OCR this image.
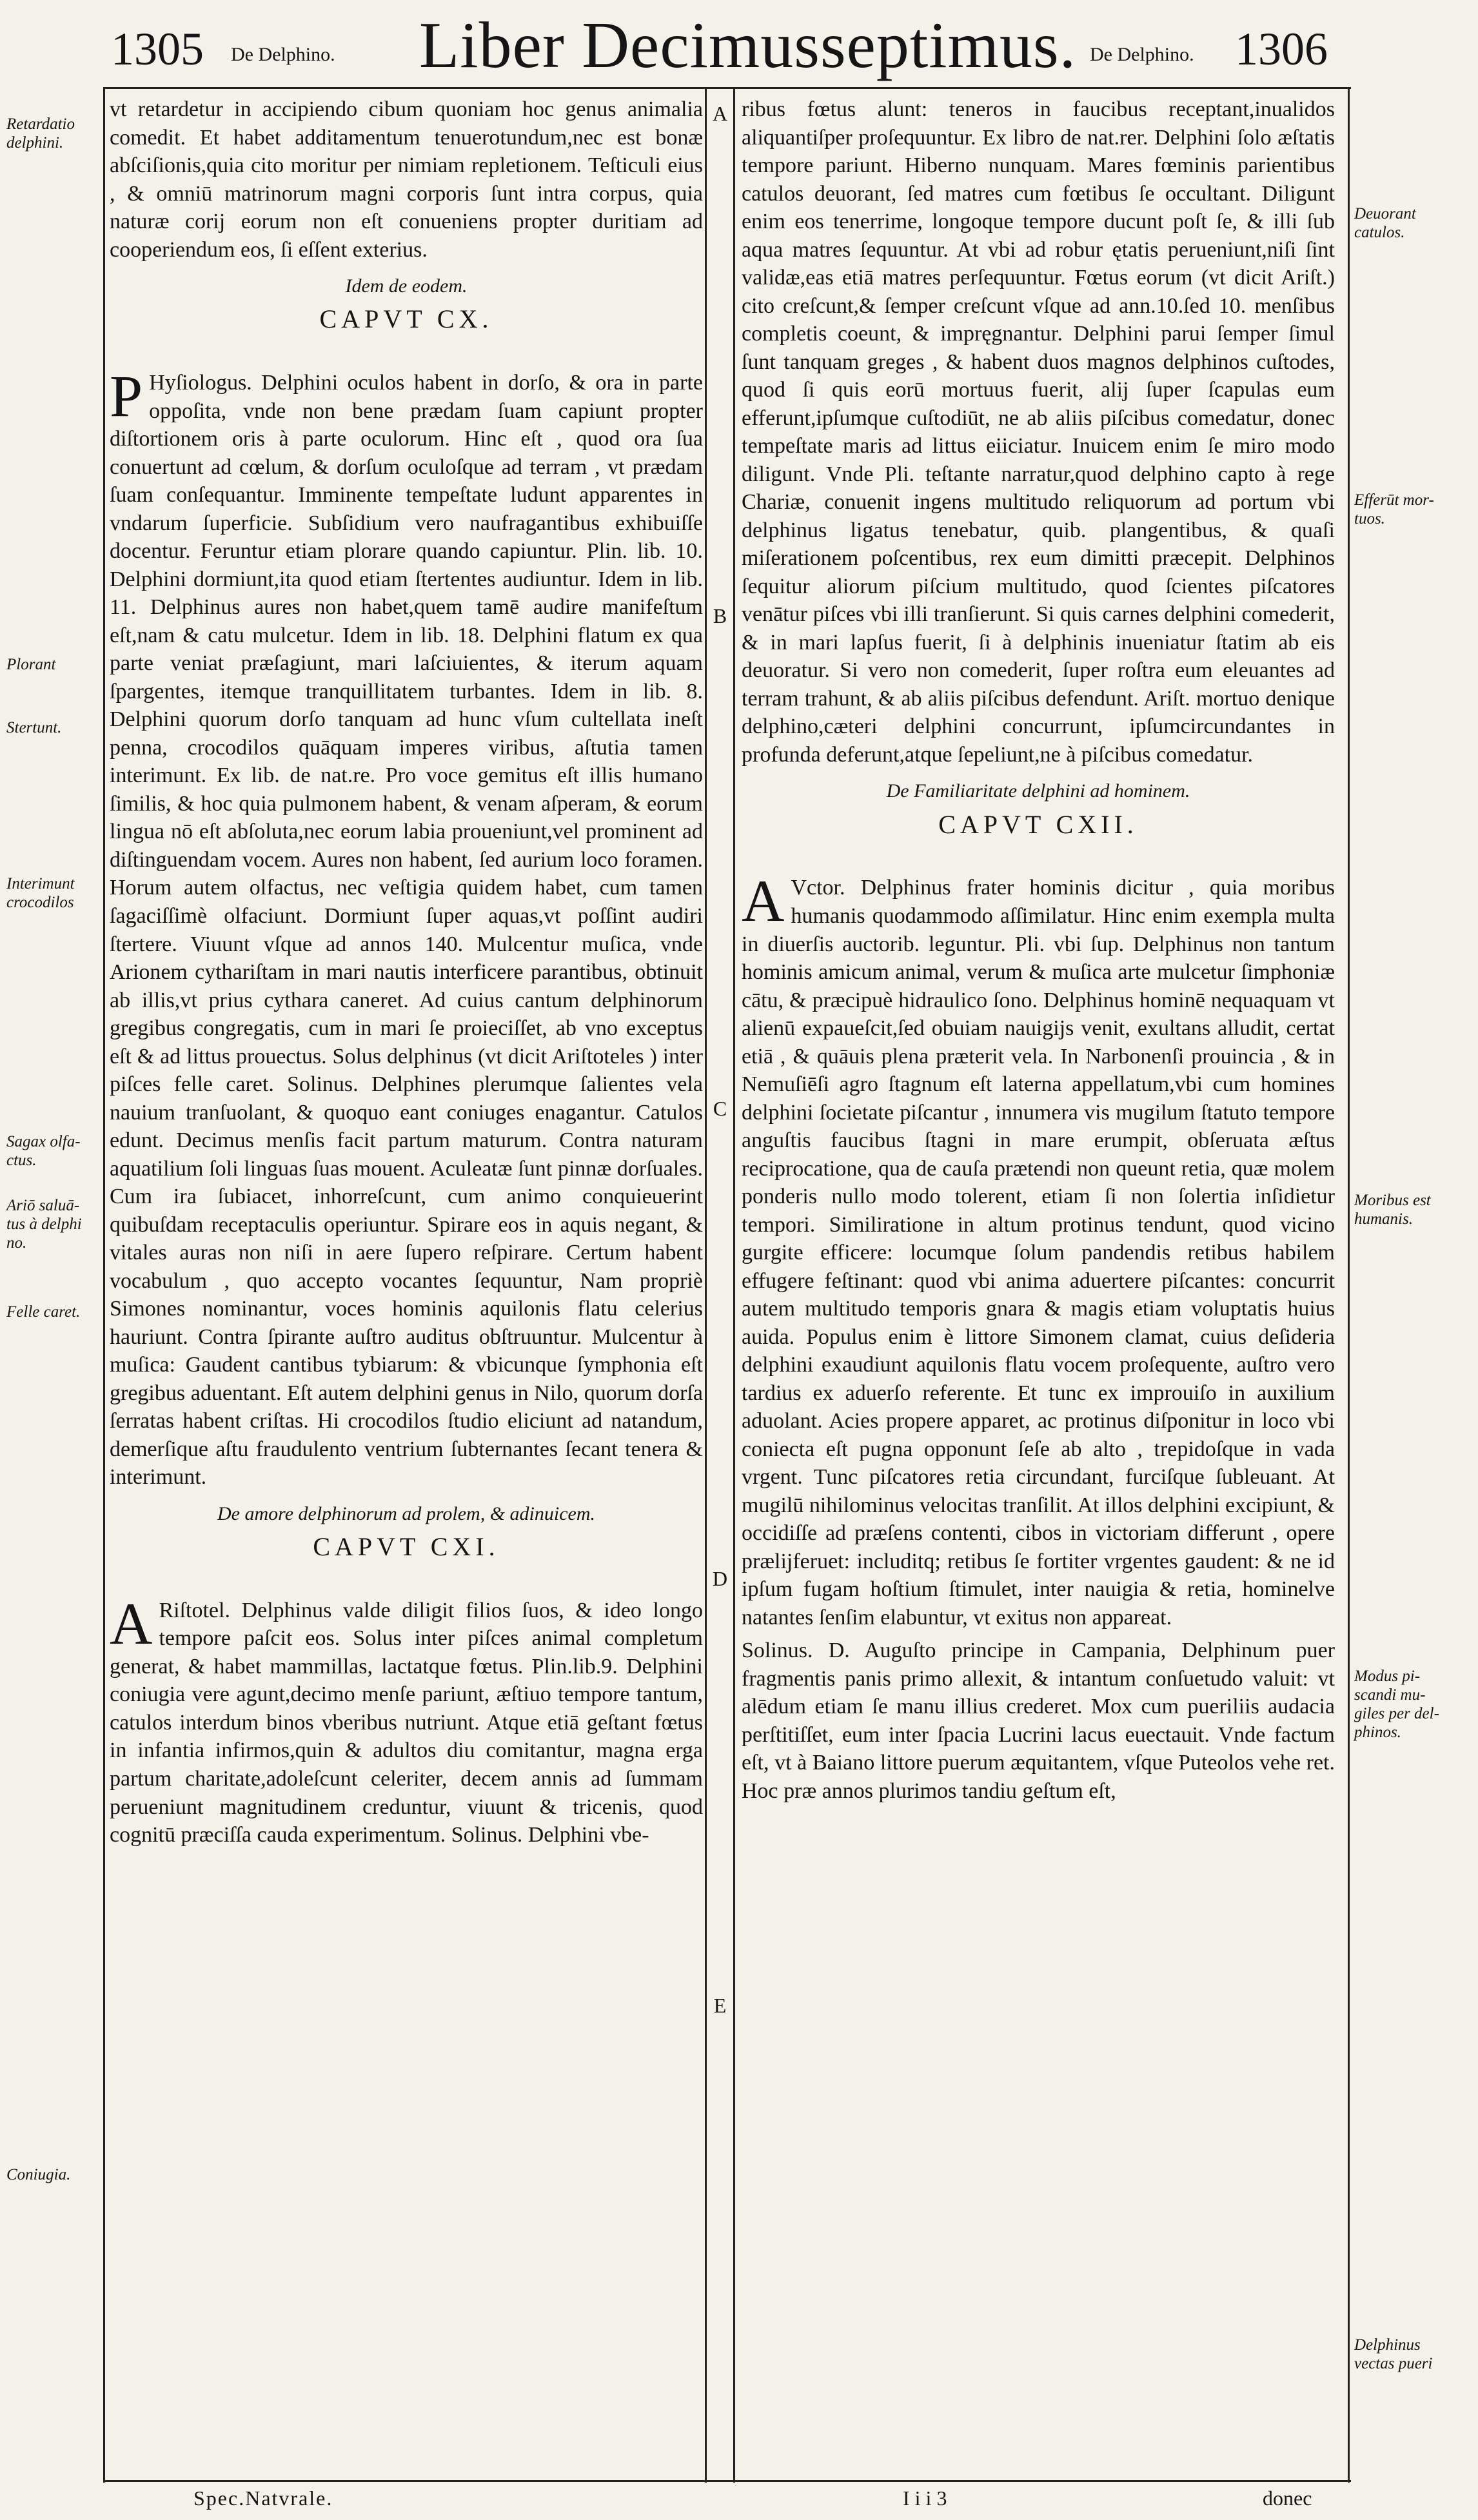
1305 De Delphino. Liber Decimusseptimus. De Delphino. 1306
Retardatio
delphini.
Plorant
Stertunt.
Interimunt
crocodilos
Sagax olfa-
ctus.
Ariō saluā-
tus à delphi
no.
Felle caret.
Coniugia.
Deuorant
catulos.
Efferūt mor-
tuos.
Moribus est
humanis.
Modus pi-
scandi mu-
giles per del-
phinos.
Delphinus
vectas pueri
A
B
C
D
E

vt retardetur in accipiendo cibum quoniam hoc genus animalia comedit. Et habet additamentum tenuerotundum,nec est bonæ abſciſionis,quia cito moritur per nimiam repletionem. Teſticuli eius , & omniū matrinorum magni corporis ſunt intra corpus, quia naturæ corij eorum non eſt conueniens propter duritiam ad cooperiendum eos, ſi eſſent exterius.

Idem de eodem.
CAPVT CX.

P Hyſiologus. Delphini oculos habent in dorſo, & ora in parte oppoſita, vnde non bene prædam ſuam capiunt propter diſtortionem oris à parte oculorum. Hinc eſt , quod ora ſua conuertunt ad cœlum, & dorſum oculoſque ad terram , vt prædam ſuam conſequantur. Imminente tempeſtate ludunt apparentes in vndarum ſuperficie. Subſidium vero naufragantibus exhibuiſſe docentur. Feruntur etiam plorare quando capiuntur. Plin. lib. 10. Delphini dormiunt,ita quod etiam ſtertentes audiuntur. Idem in lib. 11. Delphinus aures non habet,quem tamē audire manifeſtum eſt,nam & catu mulcetur. Idem in lib. 18. Delphini flatum ex qua parte veniat præſagiunt, mari laſciuientes, & iterum aquam ſpargentes, itemque tranquillitatem turbantes. Idem in lib. 8. Delphini quorum dorſo tanquam ad hunc vſum cultellata ineſt penna, crocodilos quāquam imperes viribus, aſtutia tamen interimunt. Ex lib. de nat.re. Pro voce gemitus eſt illis humano ſimilis, & hoc quia pulmonem habent, & venam aſperam, & eorum lingua nō eſt abſoluta,nec eorum labia proueniunt,vel prominent ad diſtinguendam vocem. Aures non habent, ſed aurium loco foramen. Horum autem olfactus, nec veſtigia quidem habet, cum tamen ſagaciſſimè olfaciunt. Dormiunt ſuper aquas,vt poſſint audiri ſtertere. Viuunt vſque ad annos 140. Mulcentur muſica, vnde Arionem cythariſtam in mari nautis interficere parantibus, obtinuit ab illis,vt prius cythara caneret. Ad cuius cantum delphinorum gregibus congregatis, cum in mari ſe proieciſſet, ab vno exceptus eſt & ad littus prouectus. Solus delphinus (vt dicit Ariſtoteles ) inter piſces felle caret. Solinus. Delphines plerumque ſalientes vela nauium tranſuolant, & quoquo eant coniuges enagantur. Catulos edunt. Decimus menſis facit partum maturum. Contra naturam aquatilium ſoli linguas ſuas mouent. Aculeatæ ſunt pinnæ dorſuales. Cum ira ſubiacet, inhorreſcunt, cum animo conquieuerint quibuſdam receptaculis operiuntur. Spirare eos in aquis negant, & vitales auras non niſi in aere ſupero reſpirare. Certum habent vocabulum , quo accepto vocantes ſequuntur, Nam propriè Simones nominantur, voces hominis aquilonis flatu celerius hauriunt. Contra ſpirante auſtro auditus obſtruuntur. Mulcentur à muſica: Gaudent cantibus tybiarum: & vbicunque ſymphonia eſt gregibus aduentant. Eſt autem delphini genus in Nilo, quorum dorſa ſerratas habent criſtas. Hi crocodilos ſtudio eliciunt ad natandum, demerſique aſtu fraudulento ventrium ſubternantes ſecant tenera & interimunt.

De amore delphinorum ad prolem, & adinuicem.
CAPVT CXI.

A Riſtotel. Delphinus valde diligit filios ſuos, & ideo longo tempore paſcit eos. Solus inter piſces animal completum generat, & habet mammillas, lactatque fœtus. Plin.lib.9. Delphini coniugia vere agunt,decimo menſe pariunt, æſtiuo tempore tantum, catulos interdum binos vberibus nutriunt. Atque etiā geſtant fœtus in infantia infirmos,quin & adultos diu comitantur, magna erga partum charitate,adoleſcunt celeriter, decem annis ad ſummam perueniunt magnitudinem creduntur, viuunt & tricenis, quod cognitū præciſſa cauda experimentum. Solinus. Delphini vbe-

ribus fœtus alunt: teneros in faucibus receptant,inualidos aliquantiſper proſequuntur. Ex libro de nat.rer. Delphini ſolo æſtatis tempore pariunt. Hiberno nunquam. Mares fœminis parientibus catulos deuorant, ſed matres cum fœtibus ſe occultant. Diligunt enim eos tenerrime, longoque tempore ducunt poſt ſe, & illi ſub aqua matres ſequuntur. At vbi ad robur ętatis perueniunt,niſi ſint validæ,eas etiā matres perſequuntur. Fœtus eorum (vt dicit Ariſt.) cito creſcunt,& ſemper creſcunt vſque ad ann.10.ſed 10. menſibus completis coeunt, & impręgnantur. Delphini parui ſemper ſimul ſunt tanquam greges , & habent duos magnos delphinos cuſtodes, quod ſi quis eorū mortuus fuerit, alij ſuper ſcapulas eum efferunt,ipſumque cuſtodiūt, ne ab aliis piſcibus comedatur, donec tempeſtate maris ad littus eiiciatur. Inuicem enim ſe miro modo diligunt. Vnde Pli. teſtante narratur,quod delphino capto à rege Chariæ, conuenit ingens multitudo reliquorum ad portum vbi delphinus ligatus tenebatur, quib. plangentibus, & quaſi miſerationem poſcentibus, rex eum dimitti præcepit. Delphinos ſequitur aliorum piſcium multitudo, quod ſcientes piſcatores venātur piſces vbi illi tranſierunt. Si quis carnes delphini comederit, & in mari lapſus fuerit, ſi à delphinis inueniatur ſtatim ab eis deuoratur. Si vero non comederit, ſuper roſtra eum eleuantes ad terram trahunt, & ab aliis piſcibus defendunt. Ariſt. mortuo denique delphino,cæteri delphini concurrunt, ipſumcircundantes in profunda deferunt,atque ſepeliunt,ne à piſcibus comedatur.

De Familiaritate delphini ad hominem.
CAPVT CXII.

A Vctor. Delphinus frater hominis dicitur , quia moribus humanis quodammodo aſſimilatur. Hinc enim exempla multa in diuerſis auctorib. leguntur. Pli. vbi ſup. Delphinus non tantum hominis amicum animal, verum & muſica arte mulcetur ſimphoniæ cātu, & præcipuè hidraulico ſono. Delphinus hominē nequaquam vt alienū expaueſcit,ſed obuiam nauigijs venit, exultans alludit, certat etiā , & quāuis plena præterit vela. In Narbonenſi prouincia , & in Nemuſiēſi agro ſtagnum eſt laterna appellatum,vbi cum homines delphini ſocietate piſcantur , innumera vis mugilum ſtatuto tempore anguſtis faucibus ſtagni in mare erumpit, obſeruata æſtus reciprocatione, qua de cauſa prætendi non queunt retia, quæ molem ponderis nullo modo tolerent, etiam ſi non ſolertia inſidietur tempori. Similiratione in altum protinus tendunt, quod vicino gurgite efficere: locumque ſolum pandendis retibus habilem effugere feſtinant: quod vbi anima aduertere piſcantes: concurrit autem multitudo temporis gnara & magis etiam voluptatis huius auida. Populus enim è littore Simonem clamat, cuius deſideria delphini exaudiunt aquilonis flatu vocem proſequente, auſtro vero tardius ex aduerſo referente. Et tunc ex improuiſo in auxilium aduolant. Acies propere apparet, ac protinus diſponitur in loco vbi coniecta eſt pugna opponunt ſeſe ab alto , trepidoſque in vada vrgent. Tunc piſcatores retia circundant, furciſque ſubleuant. At mugilū nihilominus velocitas tranſilit. At illos delphini excipiunt, & occidiſſe ad præſens contenti, cibos in victoriam differunt , opere prælijferuet: includitq; retibus ſe fortiter vrgentes gaudent: & ne id ipſum fugam hoſtium ſtimulet, inter nauigia & retia, hominelve natantes ſenſim elabuntur, vt exitus non appareat.

Solinus. D. Auguſto principe in Campania, Delphinum puer fragmentis panis primo allexit, & intantum conſuetudo valuit: vt alēdum etiam ſe manu illius crederet. Mox cum pueriliis audacia perſtitiſſet, eum inter ſpacia Lucrini lacus euectauit. Vnde factum eſt, vt à Baiano littore puerum æquitantem, vſque Puteolos vehe ret. Hoc præ annos plurimos tandiu geſtum eſt,

Spec.Natvrale.	I i i 3	donec
